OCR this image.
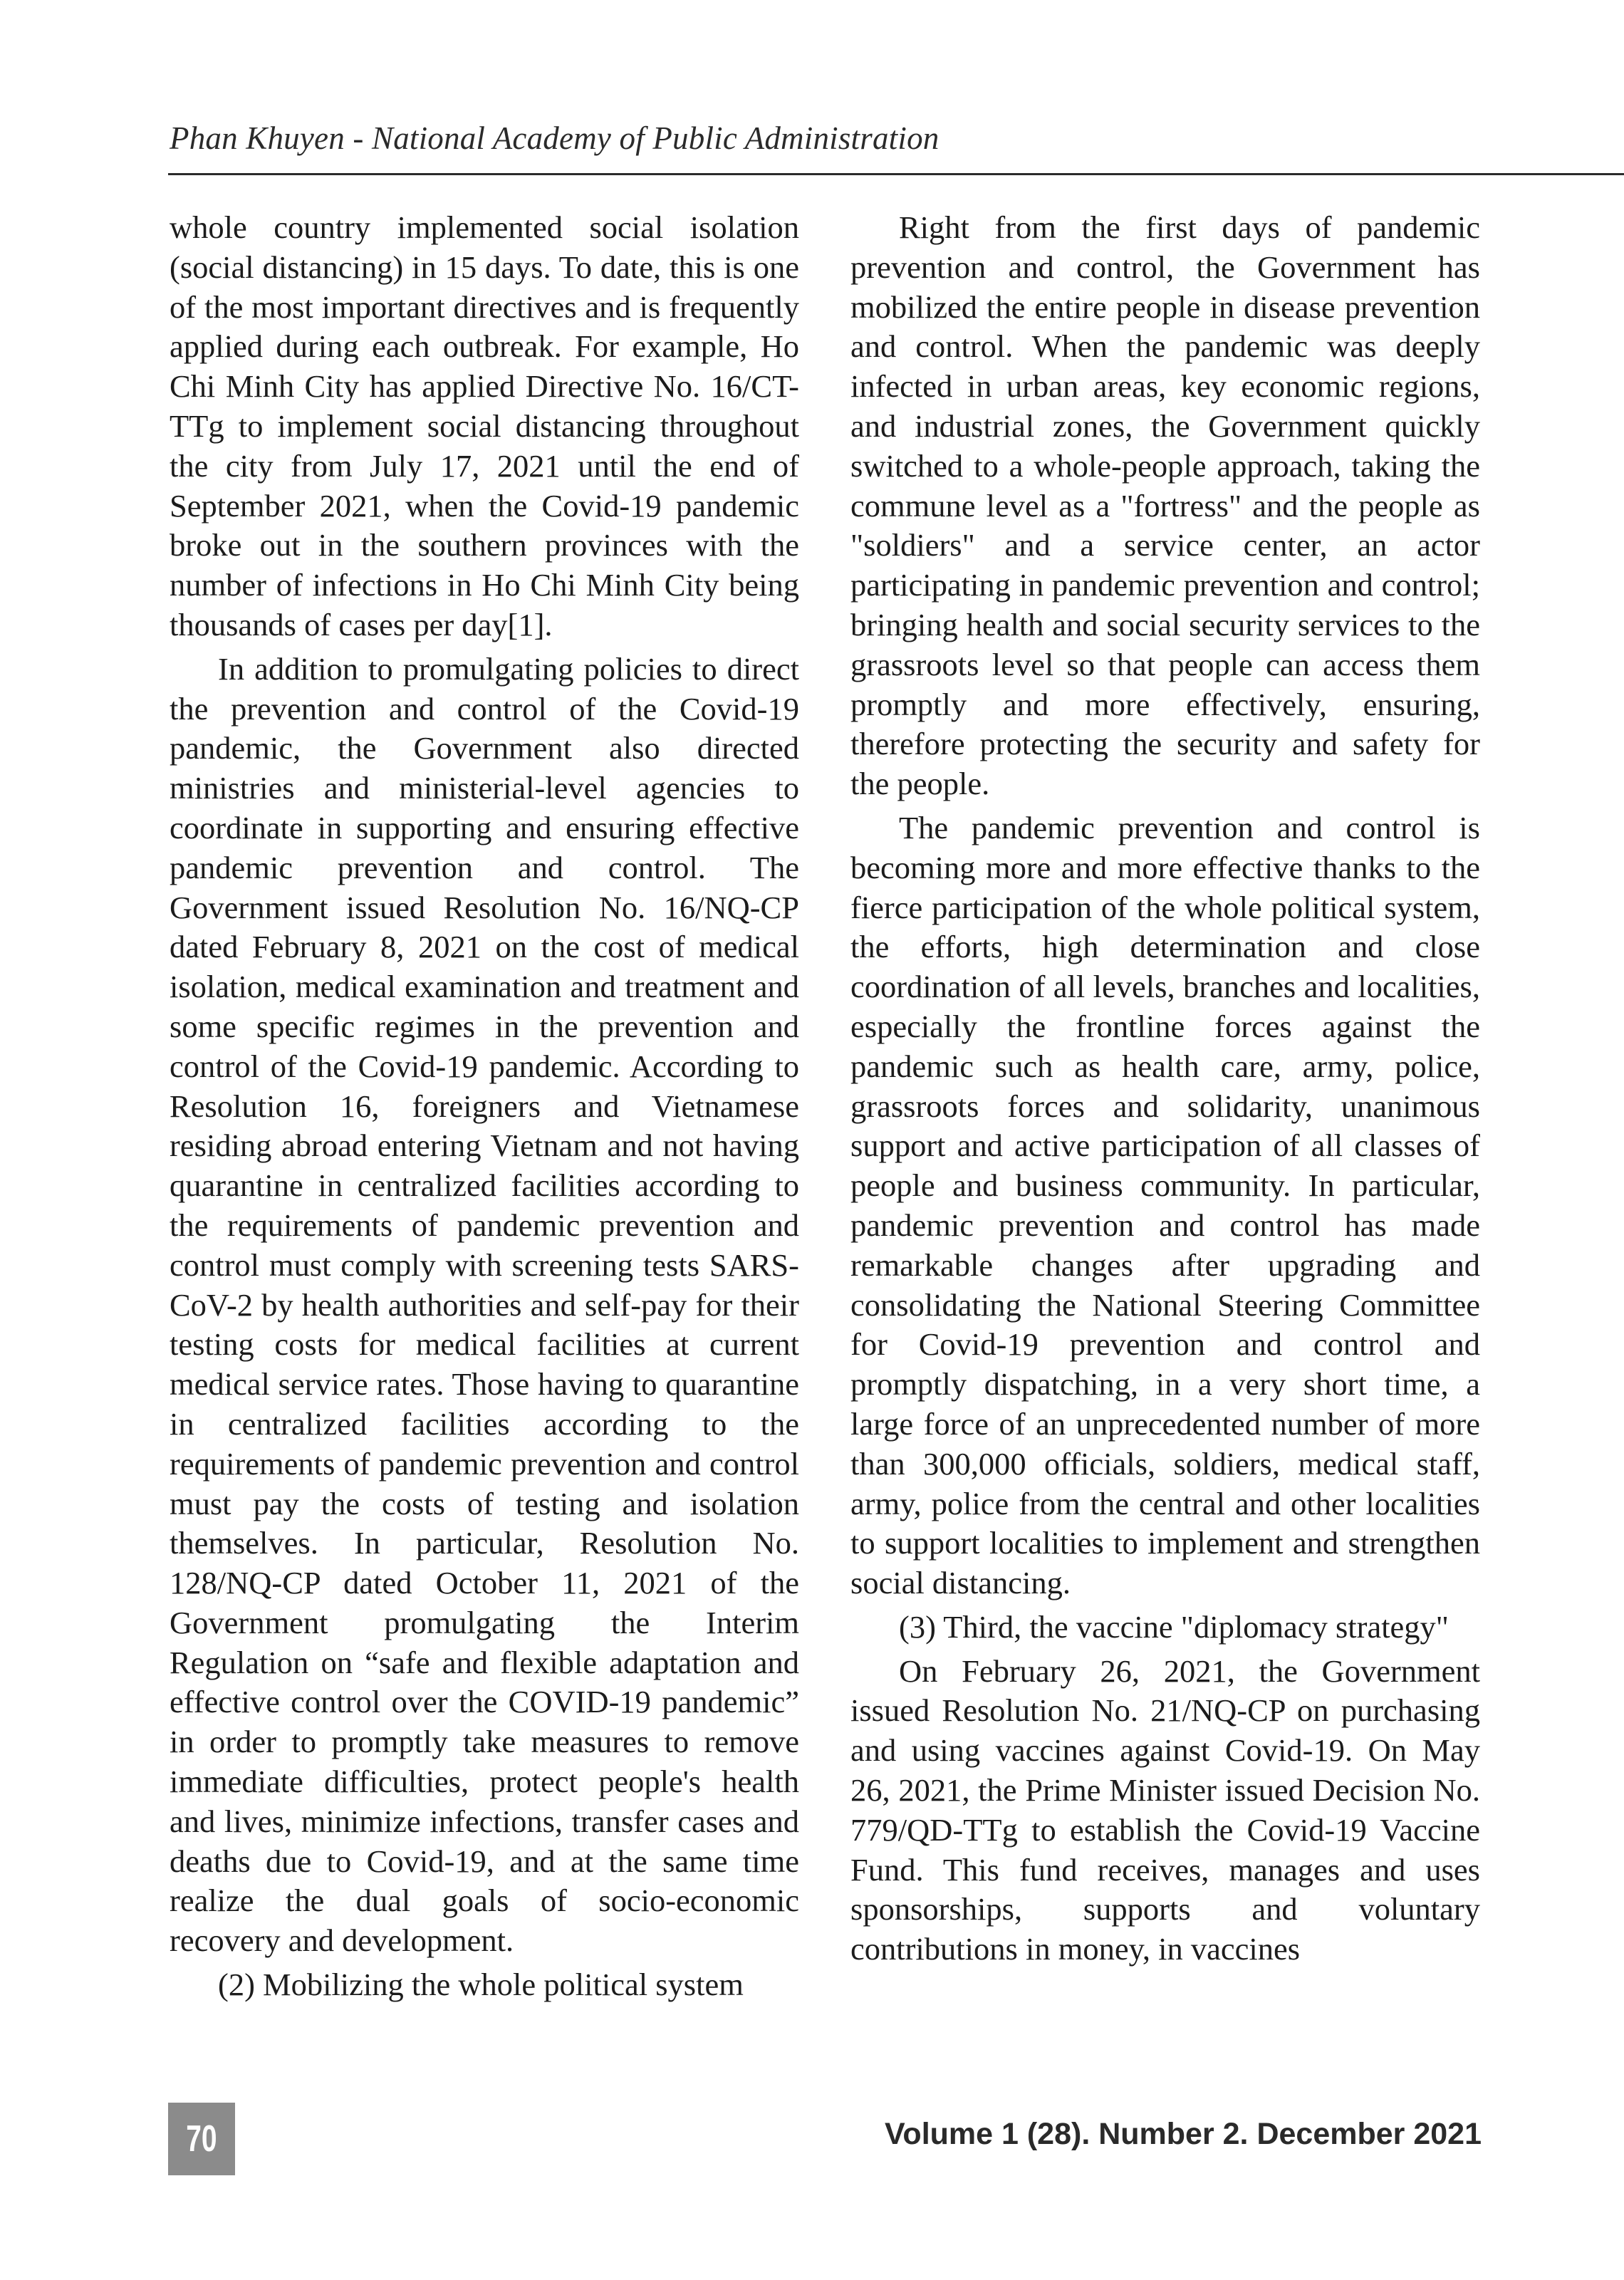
Phan Khuyen - National Academy of Public Administration

whole country implemented social isolation (social distancing) in 15 days. To date, this is one of the most important directives and is frequently applied during each outbreak. For example, Ho Chi Minh City has applied Directive No. 16/CT-TTg to implement social distancing throughout the city from July 17, 2021 until the end of September 2021, when the Covid-19 pandemic broke out in the southern provinces with the number of infections in Ho Chi Minh City being thousands of cases per day[1].

In addition to promulgating policies to direct the prevention and control of the Covid-19 pandemic, the Government also directed ministries and ministerial-level agencies to coordinate in supporting and ensuring effective pandemic prevention and control. The Government issued Resolution No. 16/NQ-CP dated February 8, 2021 on the cost of medical isolation, medical examination and treatment and some specific regimes in the prevention and control of the Covid-19 pandemic. According to Resolution 16, foreigners and Vietnamese residing abroad entering Vietnam and not having quarantine in centralized facilities according to the requirements of pandemic prevention and control must comply with screening tests SARS-CoV-2 by health authorities and self-pay for their testing costs for medical facilities at current medical service rates. Those having to quarantine in centralized facilities according to the requirements of pandemic prevention and control must pay the costs of testing and isolation themselves. In particular, Resolution No. 128/NQ-CP dated October 11, 2021 of the Government promulgating the Interim Regulation on “safe and flexible adaptation and effective control over the COVID-19 pandemic” in order to promptly take measures to remove immediate difficulties, protect people's health and lives, minimize infections, transfer cases and deaths due to Covid-19, and at the same time realize the dual goals of socio-economic recovery and development.

(2) Mobilizing the whole political system

Right from the first days of pandemic prevention and control, the Government has mobilized the entire people in disease prevention and control. When the pandemic was deeply infected in urban areas, key economic regions, and industrial zones, the Government quickly switched to a whole-people approach, taking the commune level as a "fortress" and the people as "soldiers" and a service center, an actor participating in pandemic prevention and control; bringing health and social security services to the grassroots level so that people can access them promptly and more effectively, ensuring, therefore protecting the security and safety for the people.

The pandemic prevention and control is becoming more and more effective thanks to the fierce participation of the whole political system, the efforts, high determination and close coordination of all levels, branches and localities, especially the frontline forces against the pandemic such as health care, army, police, grassroots forces and solidarity, unanimous support and active participation of all classes of people and business community. In particular, pandemic prevention and control has made remarkable changes after upgrading and consolidating the National Steering Committee for Covid-19 prevention and control and promptly dispatching, in a very short time, a large force of an unprecedented number of more than 300,000 officials, soldiers, medical staff, army, police from the central and other localities to support localities to implement and strengthen social distancing.

(3) Third, the vaccine "diplomacy strategy"

On February 26, 2021, the Government issued Resolution No. 21/NQ-CP on purchasing and using vaccines against Covid-19. On May 26, 2021, the Prime Minister issued Decision No. 779/QD-TTg to establish the Covid-19 Vaccine Fund. This fund receives, manages and uses sponsorships, supports and voluntary contributions in money, in vaccines

70	Volume 1 (28). Number 2. December 2021
